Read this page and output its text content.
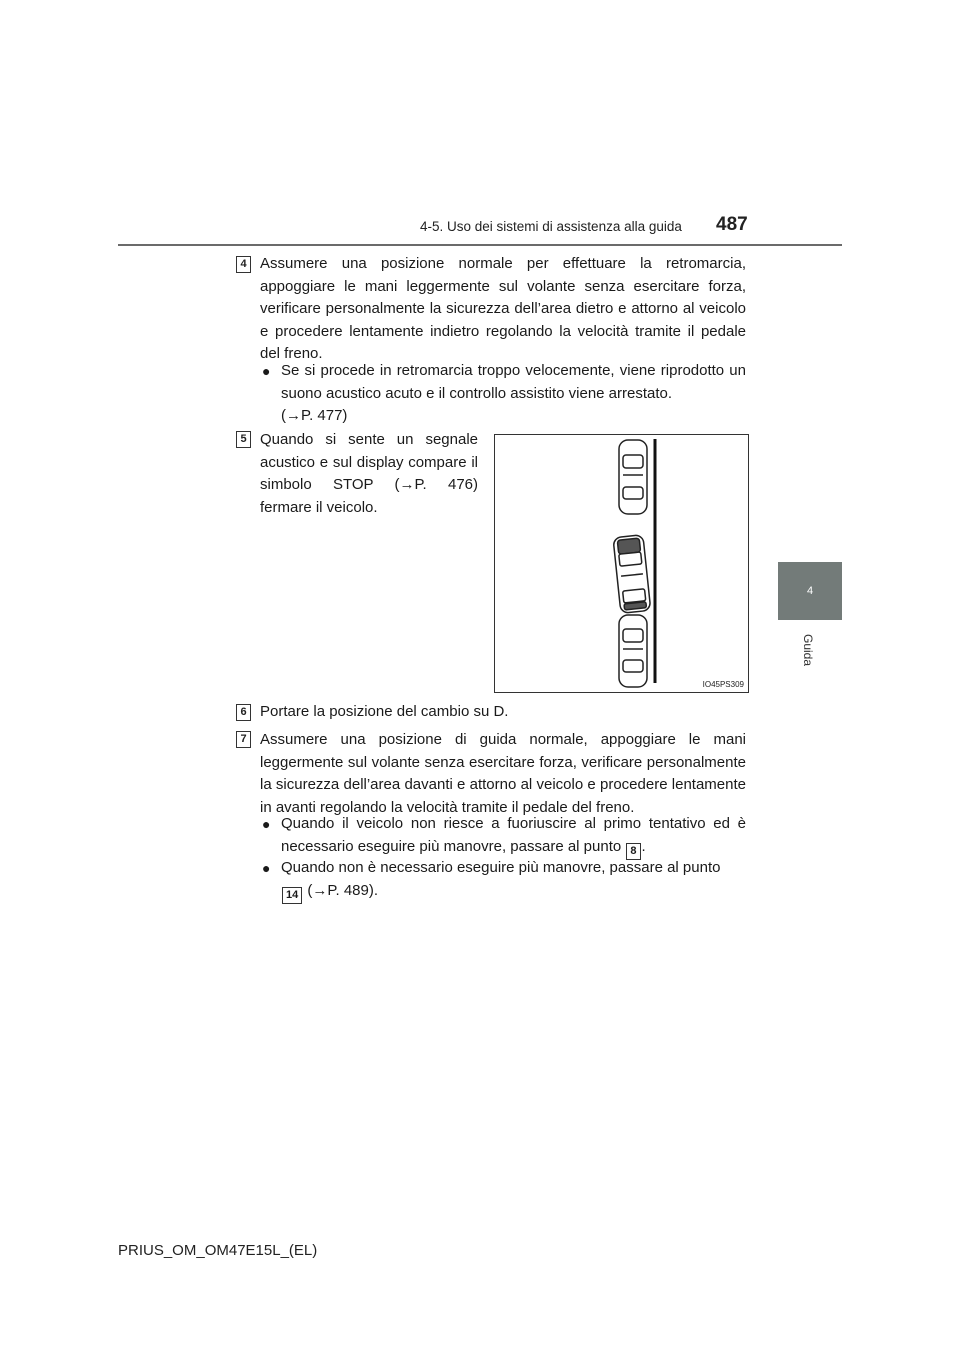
4-5. Uso dei sistemi di assistenza alla guida 487
4
Guida
4 Assumere una posizione normale per effettuare la retromarcia, appoggiare le mani leggermente sul volante senza esercitare forza, verificare personalmente la sicurezza dell’area dietro e attorno al veicolo e procedere lentamente indietro regolando la velocità tramite il pedale del freno.

● Se si procede in retromarcia troppo velocemente, viene riprodotto un suono acustico acuto e il controllo assistito viene arrestato.
(→P. 477)
5 Quando si sente un segnale acustico e sul display compare il simbolo STOP (→P. 476) fermare il veicolo.

IO45PS309
6 Portare la posizione del cambio su D.

7 Assumere una posizione di guida normale, appoggiare le mani leggermente sul volante senza esercitare forza, verificare personalmente la sicurezza dell’area davanti e attorno al veicolo e procedere lentamente in avanti regolando la velocità tramite il pedale del freno.

● Quando il veicolo non riesce a fuoriuscire al primo tentativo ed è necessario eseguire più manovre, passare al punto 8 .
● Quando non è necessario eseguire più manovre, passare al punto
14 (→P. 489).
PRIUS_OM_OM47E15L_(EL)
